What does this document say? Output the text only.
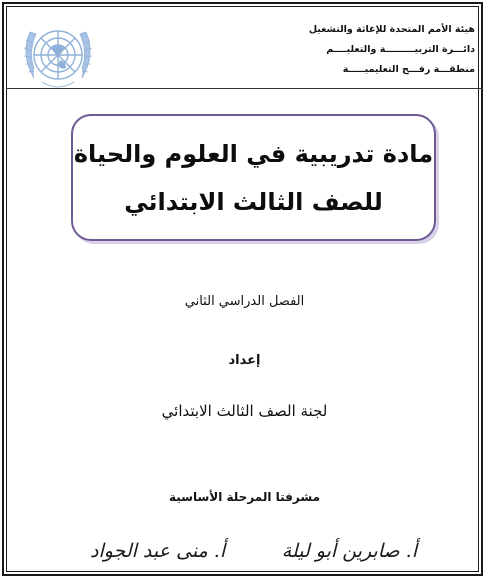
هيئة الأمم المتحدة للإغاثة والتشغيل
دائـــرة التربيـــــــــة والتعليــــم
منطقـــة رفـــح التعليميـــــة
مادة تدريبية في العلوم والحياة
للصف الثالث الابتدائي
الفصل الدراسي الثاني
إعداد
لجنة الصف الثالث الابتدائي
مشرفتا المرحلة الأساسية
أ. صابرين أبو ليلة
أ. منى عبد الجواد
